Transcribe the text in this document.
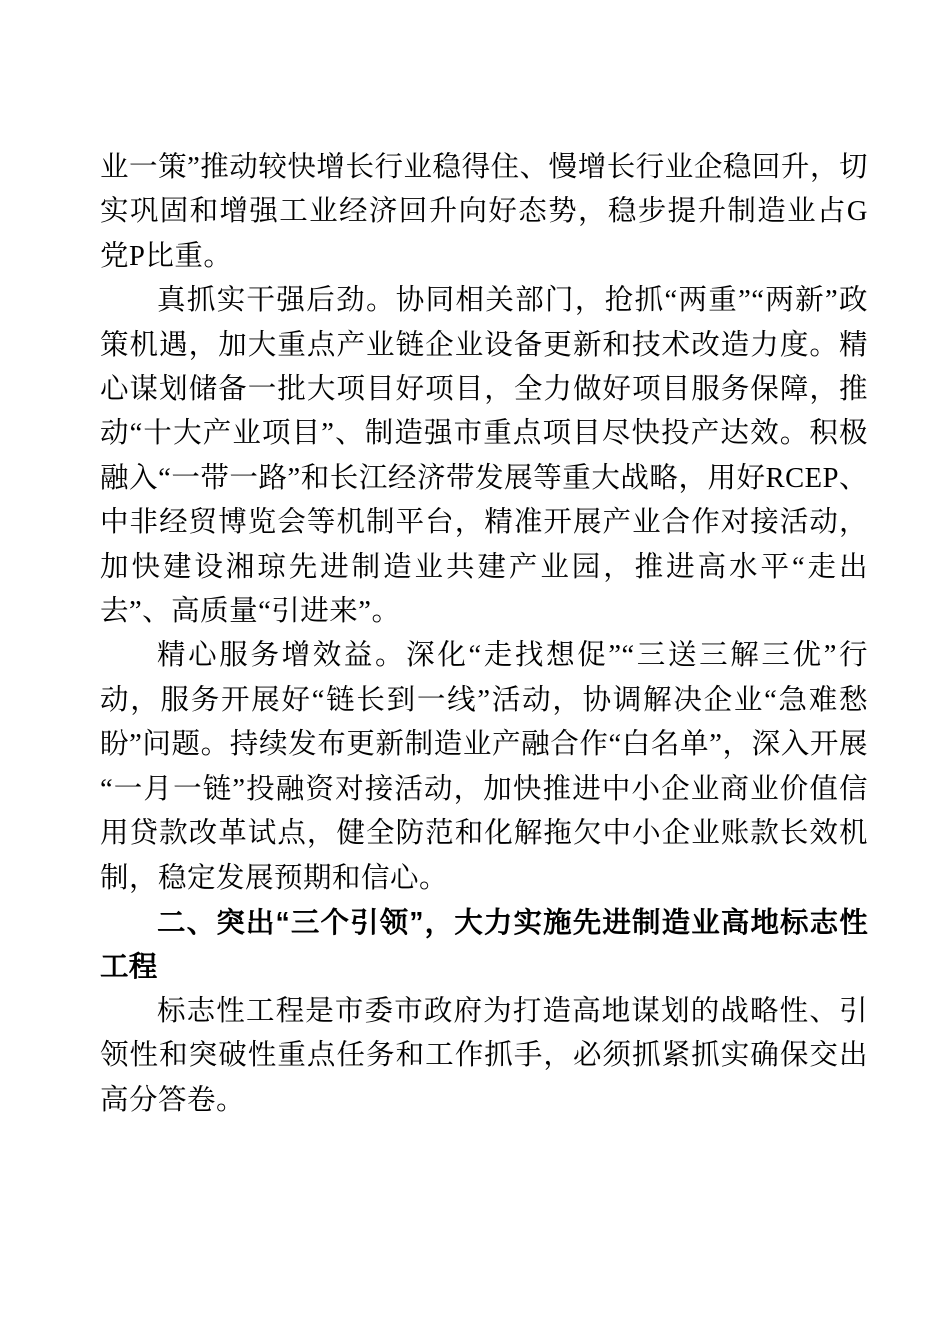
业一策”推动较快增长行业稳得住、慢增长行业企稳回升，切实巩固和增强工业经济回升向好态势，稳步提升制造业占G党P比重。

真抓实干强后劲。协同相关部门，抢抓“两重”“两新”政策机遇，加大重点产业链企业设备更新和技术改造力度。精心谋划储备一批大项目好项目，全力做好项目服务保障，推动“十大产业项目”、制造强市重点项目尽快投产达效。积极融入“一带一路”和长江经济带发展等重大战略，用好RCEP、中非经贸博览会等机制平台，精准开展产业合作对接活动，加快建设湘琼先进制造业共建产业园，推进高水平“走出去”、高质量“引进来”。

精心服务增效益。深化“走找想促”“三送三解三优”行动，服务开展好“链长到一线”活动，协调解决企业“急难愁盼”问题。持续发布更新制造业产融合作“白名单”，深入开展“一月一链”投融资对接活动，加快推进中小企业商业价值信用贷款改革试点，健全防范和化解拖欠中小企业账款长效机制，稳定发展预期和信心。

二、突出“三个引领”，大力实施先进制造业高地标志性工程

标志性工程是市委市政府为打造高地谋划的战略性、引领性和突破性重点任务和工作抓手，必须抓紧抓实确保交出高分答卷。
